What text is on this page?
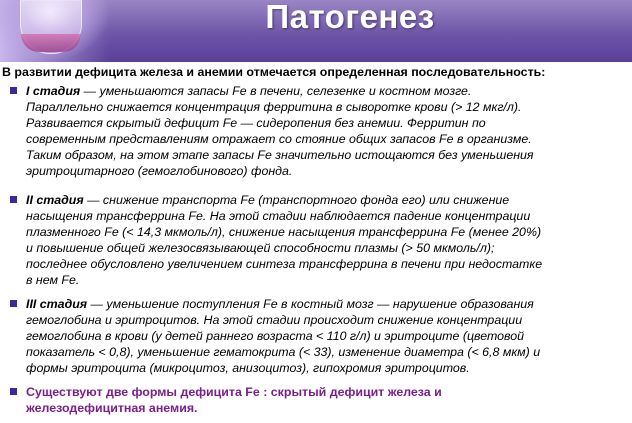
Патогенез
В развитии дефицита железа и анемии отмечается определенная последовательность:
I стадия — уменьшаются запасы Fe в печени, селезенке и костном мозге.
Параллельно снижается концентрация ферритина в сыворотке крови (> 12 мкг/л).
Развивается скрытый дефицит Fe — сидеропения без анемии. Ферритин по
современным представлениям отражает со стояние общих запасов Fe в организме.
Таким образом, на этом этапе запасы Fe значительно истощаются без уменьшения
эритроцитарного (гемоглобинового) фонда.
II стадия — снижение транспорта Fe (транспортного фонда его) или снижение
насыщения трансферрина Fe. На этой стадии наблюдается падение концентрации
плазменного Fe (< 14,3 мкмоль/л), снижение насыщения трансферрина Fe (менее 20%)
и повышение общей железосвязывающей способности плазмы (> 50 мкмоль/л);
последнее обусловлено увеличением синтеза трансферрина в печени при недостатке
в нем Fe.
III стадия — уменьшение поступления Fe в костный мозг — нарушение образования
гемоглобина и эритроцитов. На этой стадии происходит снижение концентрации
гемоглобина в крови (у детей раннего возраста < 110 г/л) и эритроците (цветовой
показатель < 0,8), уменьшение гематокрита (< 33), изменение диаметра (< 6,8 мкм) и
формы эритроцита (микроцитоз, анизоцитоз), гипохромия эритроцитов.
Существуют две формы дефицита Fe : скрытый дефицит железа и
железодефицитная анемия.
